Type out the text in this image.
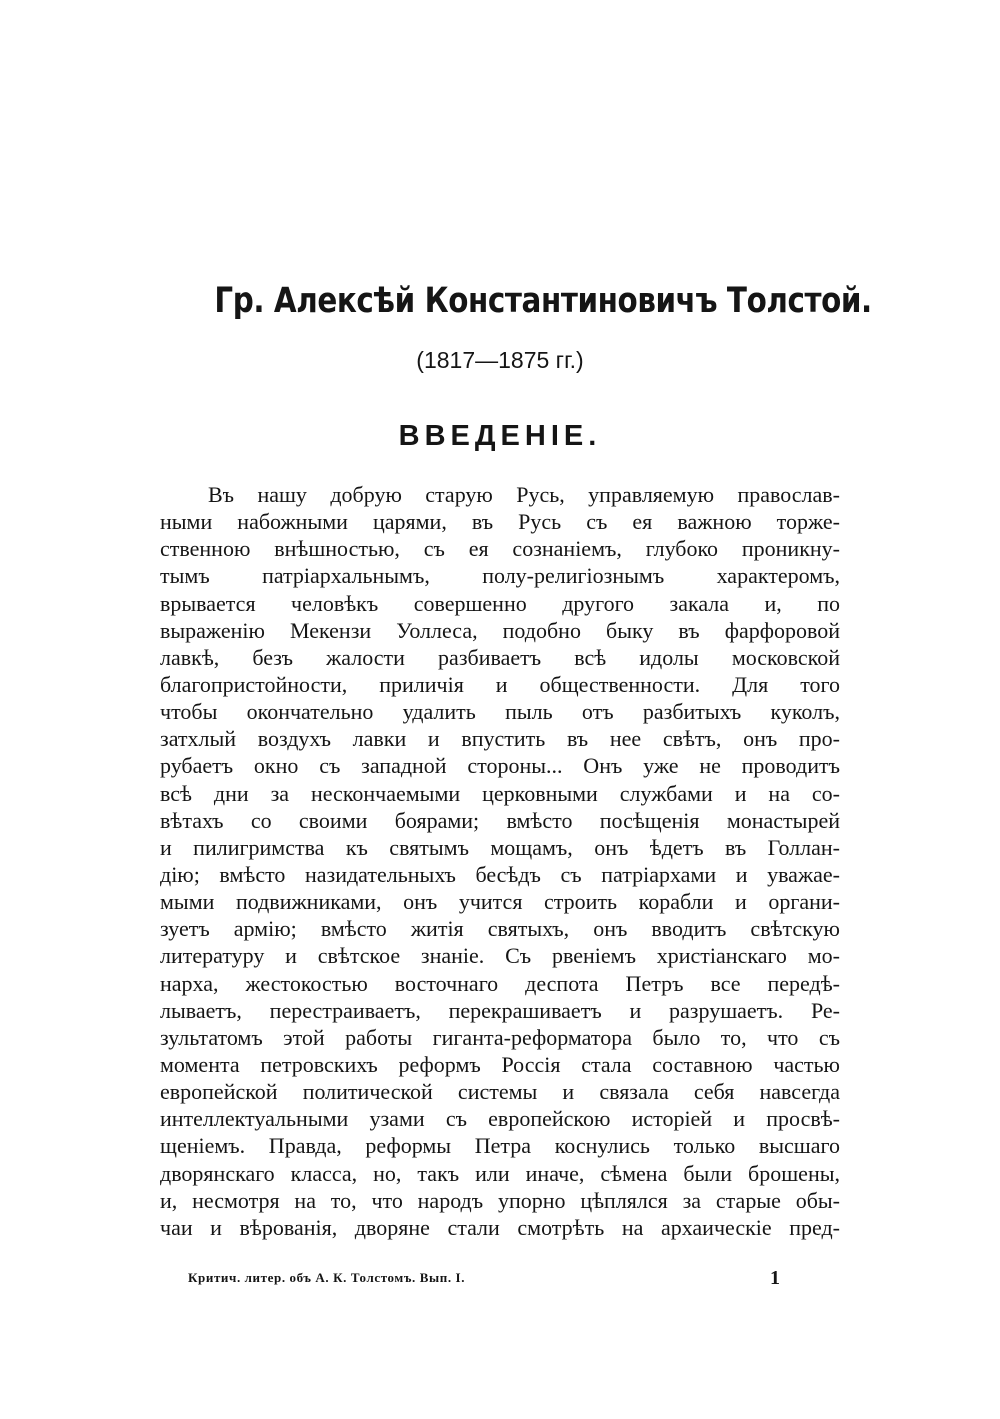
Гр. Алексѣй Константиновичъ Толстой.

(1817—1875 гг.)

ВВЕДЕНІЕ.
Въ нашу добрую старую Русь, управляемую православ-
ными набожными царями, въ Русь съ ея важною торже-
ственною внѣшностью, съ ея сознаніемъ, глубоко проникну-
тымъ патріархальнымъ, полу-религіознымъ характеромъ,
врывается человѣкъ совершенно другого закала и, по
выраженію Мекензи Уоллеса, подобно быку въ фарфоровой
лавкѣ, безъ жалости разбиваетъ всѣ идолы московской
благопристойности, приличія и общественности. Для того
чтобы окончательно удалить пыль отъ разбитыхъ куколъ,
затхлый воздухъ лавки и впустить въ нее свѣтъ, онъ про-
рубаетъ окно съ западной стороны... Онъ уже не проводитъ
всѣ дни за нескончаемыми церковными службами и на со-
вѣтахъ со своими боярами; вмѣсто посѣщенія монастырей
и пилигримства къ святымъ мощамъ, онъ ѣдетъ въ Голлан-
дію; вмѣсто назидательныхъ бесѣдъ съ патріархами и уважае-
мыми подвижниками, онъ учится строить корабли и органи-
зуетъ армію; вмѣсто житія святыхъ, онъ вводитъ свѣтскую
литературу и свѣтское знаніе. Съ рвеніемъ христіанскаго мо-
нарха, жестокостью восточнаго деспота Петръ все передѣ-
лываетъ, перестраиваетъ, перекрашиваетъ и разрушаетъ. Ре-
зультатомъ этой работы гиганта-реформатора было то, что съ
момента петровскихъ реформъ Россія стала составною частью
европейской политической системы и связала себя навсегда
интеллектуальными узами съ европейскою исторіей и просвѣ-
щеніемъ. Правда, реформы Петра коснулись только высшаго
дворянскаго класса, но, такъ или иначе, сѣмена были брошены,
и, несмотря на то, что народъ упорно цѣплялся за старые обы-
чаи и вѣрованія, дворяне стали смотрѣть на архаическіе пред-
Критич. литер. объ А. К. Толстомъ. Вып. I.	1
